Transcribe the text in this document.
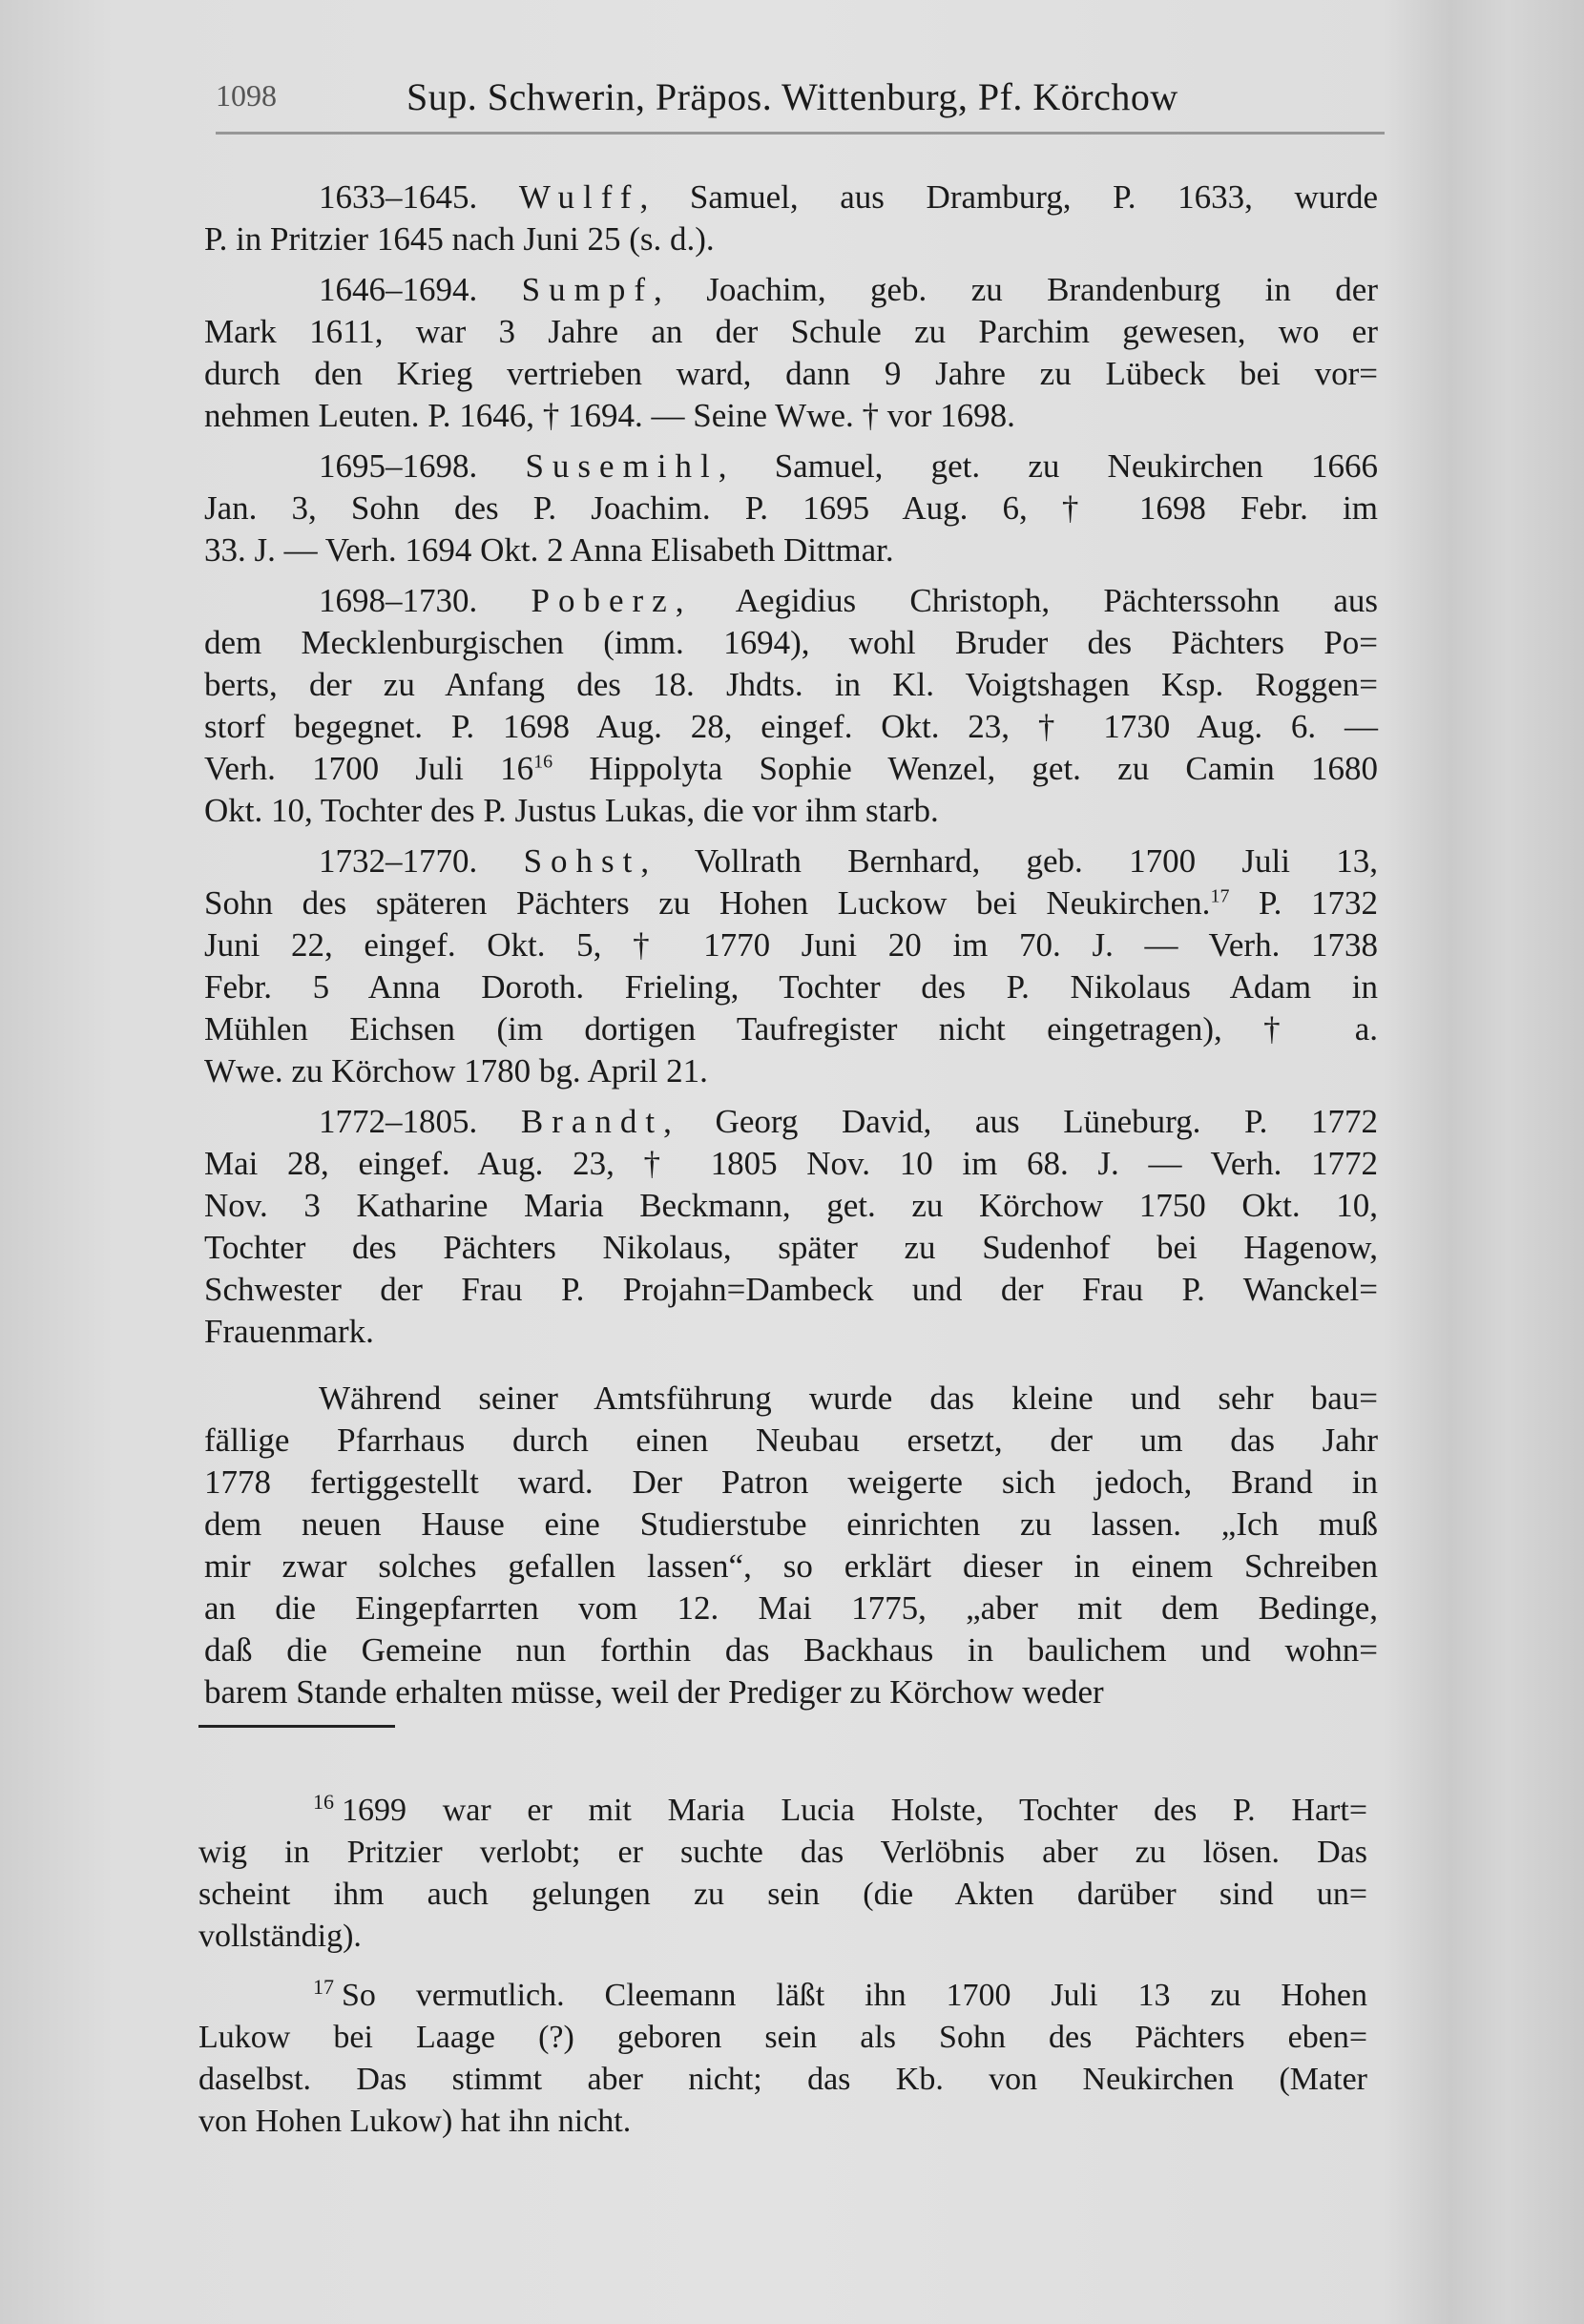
1098	Sup. Schwerin, Präpos. Wittenburg, Pf. Körchow
1633–1645. Wulff, Samuel, aus Dramburg, P. 1633, wurde
P. in Pritzier 1645 nach Juni 25 (s. d.).
1646–1694. Sumpf, Joachim, geb. zu Brandenburg in der
Mark 1611, war 3 Jahre an der Schule zu Parchim gewesen, wo er
durch den Krieg vertrieben ward, dann 9 Jahre zu Lübeck bei vor=
nehmen Leuten. P. 1646, † 1694. — Seine Wwe. † vor 1698.
1695–1698. Susemihl, Samuel, get. zu Neukirchen 1666
Jan. 3, Sohn des P. Joachim. P. 1695 Aug. 6, † 1698 Febr. im
33. J. — Verh. 1694 Okt. 2 Anna Elisabeth Dittmar.
1698–1730. Poberz, Aegidius Christoph, Pächterssohn aus
dem Mecklenburgischen (imm. 1694), wohl Bruder des Pächters Po=
berts, der zu Anfang des 18. Jhdts. in Kl. Voigtshagen Ksp. Roggen=
storf begegnet. P. 1698 Aug. 28, eingef. Okt. 23, † 1730 Aug. 6. —
Verh. 1700 Juli $16^{16}$ Hippolyta Sophie Wenzel, get. zu Camin 1680
Okt. 10, Tochter des P. Justus Lukas, die vor ihm starb.
1732–1770. Sohst, Vollrath Bernhard, geb. 1700 Juli 13,
Sohn des späteren Pächters zu Hohen Luckow bei Neukirchen.$^{17}$ P. 1732
Juni 22, eingef. Okt. 5, † 1770 Juni 20 im 70. J. — Verh. 1738
Febr. 5 Anna Doroth. Frieling, Tochter des P. Nikolaus Adam in
Mühlen Eichsen (im dortigen Taufregister nicht eingetragen), † a.
Wwe. zu Körchow 1780 bg. April 21.
1772–1805. Brandt, Georg David, aus Lüneburg. P. 1772
Mai 28, eingef. Aug. 23, † 1805 Nov. 10 im 68. J. — Verh. 1772
Nov. 3 Katharine Maria Beckmann, get. zu Körchow 1750 Okt. 10,
Tochter des Pächters Nikolaus, später zu Sudenhof bei Hagenow,
Schwester der Frau P. Projahn=Dambeck und der Frau P. Wanckel=
Frauenmark.
Während seiner Amtsführung wurde das kleine und sehr bau=
fällige Pfarrhaus durch einen Neubau ersetzt, der um das Jahr
1778 fertiggestellt ward. Der Patron weigerte sich jedoch, Brand in
dem neuen Hause eine Studierstube einrichten zu lassen. „Ich muß
mir zwar solches gefallen lassen“, so erklärt dieser in einem Schreiben
an die Eingepfarrten vom 12. Mai 1775, „aber mit dem Bedinge,
daß die Gemeine nun forthin das Backhaus in baulichem und wohn=
barem Stande erhalten müsse, weil der Prediger zu Körchow weder
$^{16}$ 1699 war er mit Maria Lucia Holste, Tochter des P. Hart=
wig in Pritzier verlobt; er suchte das Verlöbnis aber zu lösen. Das
scheint ihm auch gelungen zu sein (die Akten darüber sind un=
vollständig).
$^{17}$ So vermutlich. Cleemann läßt ihn 1700 Juli 13 zu Hohen
Lukow bei Laage (?) geboren sein als Sohn des Pächters eben=
daselbst. Das stimmt aber nicht; das Kb. von Neukirchen (Mater
von Hohen Lukow) hat ihn nicht.
